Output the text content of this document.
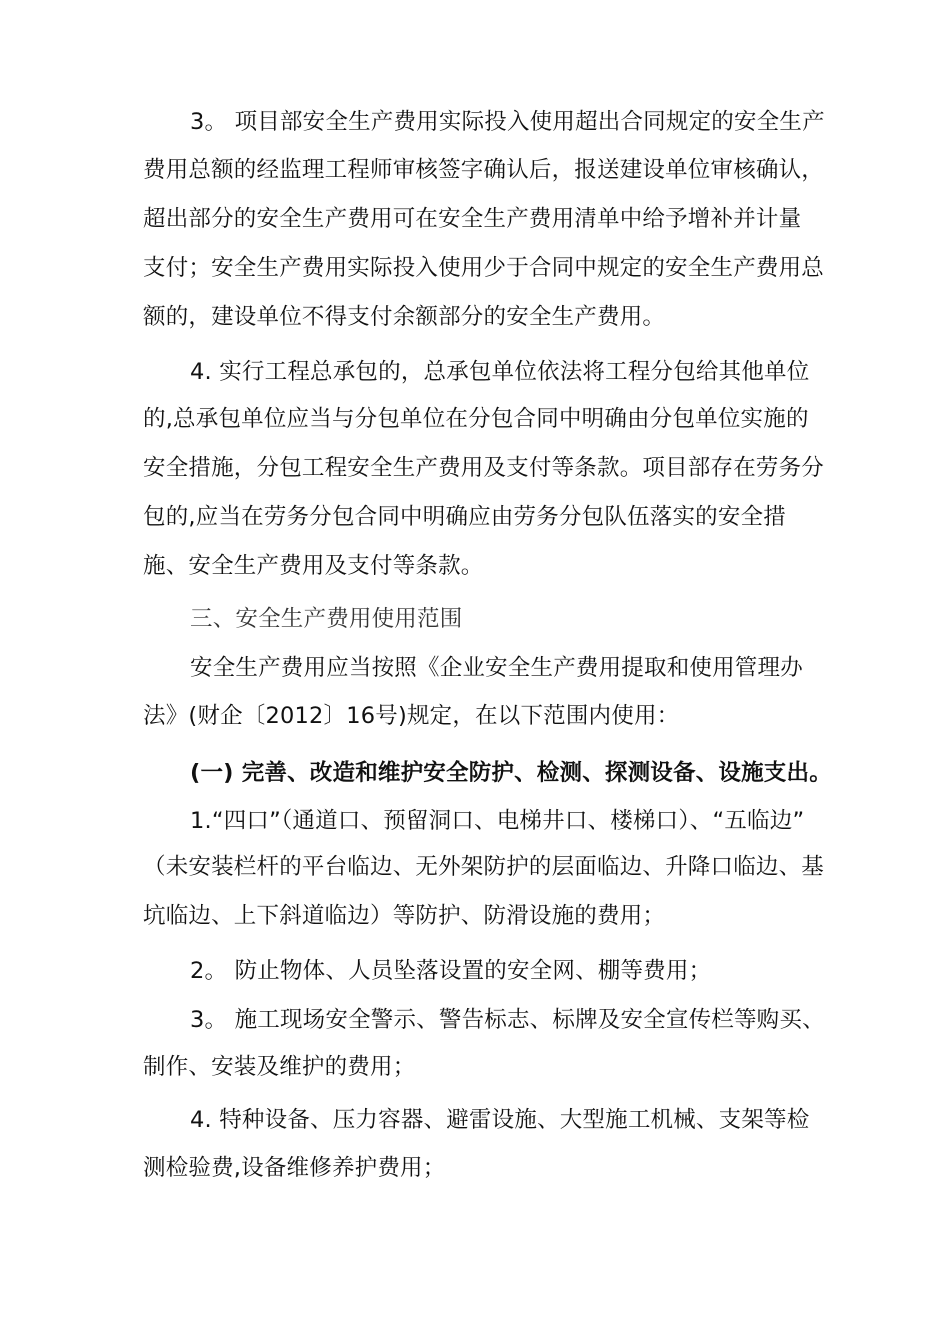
3。 项目部安全生产费用实际投入使用超出合同规定的安全生产
费用总额的经监理工程师审核签字确认后，报送建设单位审核确认，
超出部分的安全生产费用可在安全生产费用清单中给予增补并计量
支付；安全生产费用实际投入使用少于合同中规定的安全生产费用总
额的，建设单位不得支付余额部分的安全生产费用。
4. 实行工程总承包的，总承包单位依法将工程分包给其他单位
的,总承包单位应当与分包单位在分包合同中明确由分包单位实施的
安全措施，分包工程安全生产费用及支付等条款。项目部存在劳务分
包的,应当在劳务分包合同中明确应由劳务分包队伍落实的安全措
施、安全生产费用及支付等条款。
三、安全生产费用使用范围
安全生产费用应当按照《企业安全生产费用提取和使用管理办
法》(财企〔2012〕16号)规定，在以下范围内使用：
(一) 完善、改造和维护安全防护、检测、探测设备、设施支出。
1.“四口”（通道口、预留洞口、电梯井口、楼梯口）、“五临边”
（未安装栏杆的平台临边、无外架防护的层面临边、升降口临边、基
坑临边、上下斜道临边）等防护、防滑设施的费用；
2。 防止物体、人员坠落设置的安全网、棚等费用；
3。 施工现场安全警示、警告标志、标牌及安全宣传栏等购买、
制作、安装及维护的费用；
4. 特种设备、压力容器、避雷设施、大型施工机械、支架等检
测检验费,设备维修养护费用；
